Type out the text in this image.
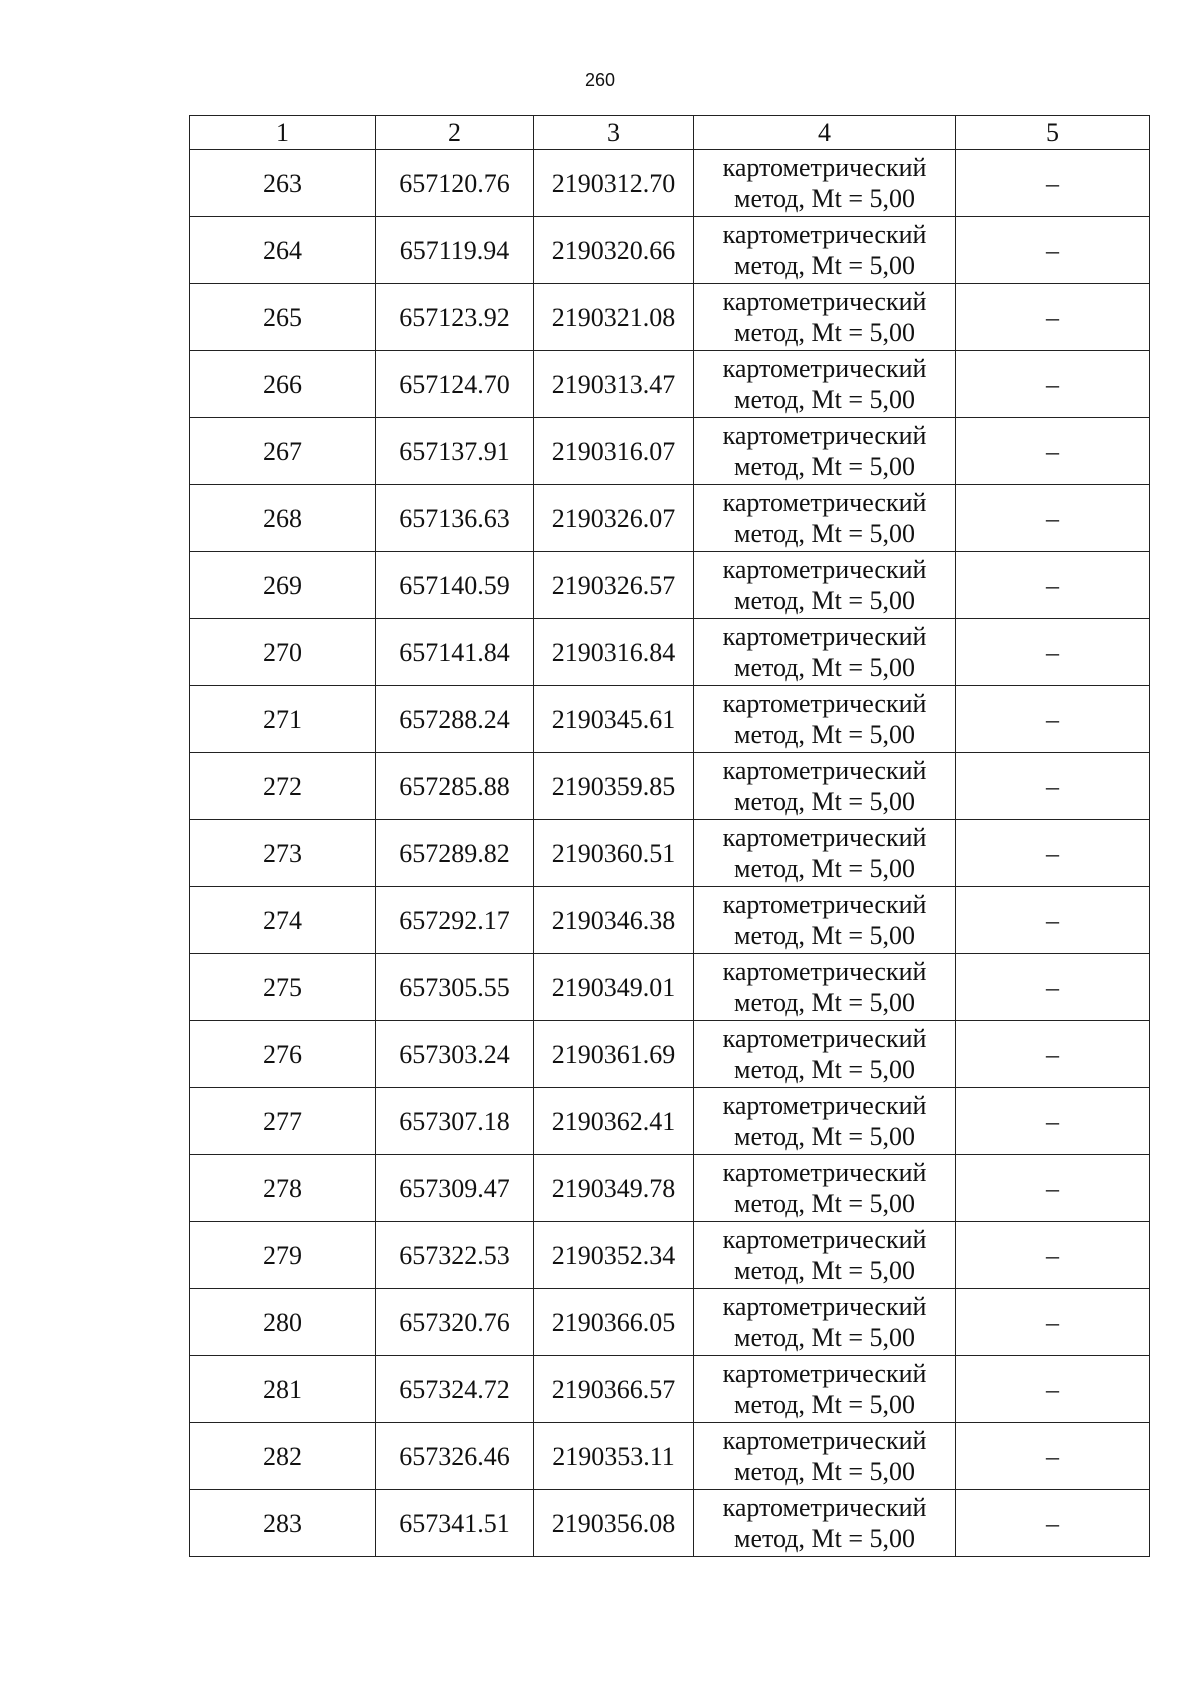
260
1	2	3	4	5
263	657120.76	2190312.70	картометрический
метод, Mt = 5,00	–
264	657119.94	2190320.66	картометрический
метод, Mt = 5,00	–
265	657123.92	2190321.08	картометрический
метод, Mt = 5,00	–
266	657124.70	2190313.47	картометрический
метод, Mt = 5,00	–
267	657137.91	2190316.07	картометрический
метод, Mt = 5,00	–
268	657136.63	2190326.07	картометрический
метод, Mt = 5,00	–
269	657140.59	2190326.57	картометрический
метод, Mt = 5,00	–
270	657141.84	2190316.84	картометрический
метод, Mt = 5,00	–
271	657288.24	2190345.61	картометрический
метод, Mt = 5,00	–
272	657285.88	2190359.85	картометрический
метод, Mt = 5,00	–
273	657289.82	2190360.51	картометрический
метод, Mt = 5,00	–
274	657292.17	2190346.38	картометрический
метод, Mt = 5,00	–
275	657305.55	2190349.01	картометрический
метод, Mt = 5,00	–
276	657303.24	2190361.69	картометрический
метод, Mt = 5,00	–
277	657307.18	2190362.41	картометрический
метод, Mt = 5,00	–
278	657309.47	2190349.78	картометрический
метод, Mt = 5,00	–
279	657322.53	2190352.34	картометрический
метод, Mt = 5,00	–
280	657320.76	2190366.05	картометрический
метод, Mt = 5,00	–
281	657324.72	2190366.57	картометрический
метод, Mt = 5,00	–
282	657326.46	2190353.11	картометрический
метод, Mt = 5,00	–
283	657341.51	2190356.08	картометрический
метод, Mt = 5,00	–
